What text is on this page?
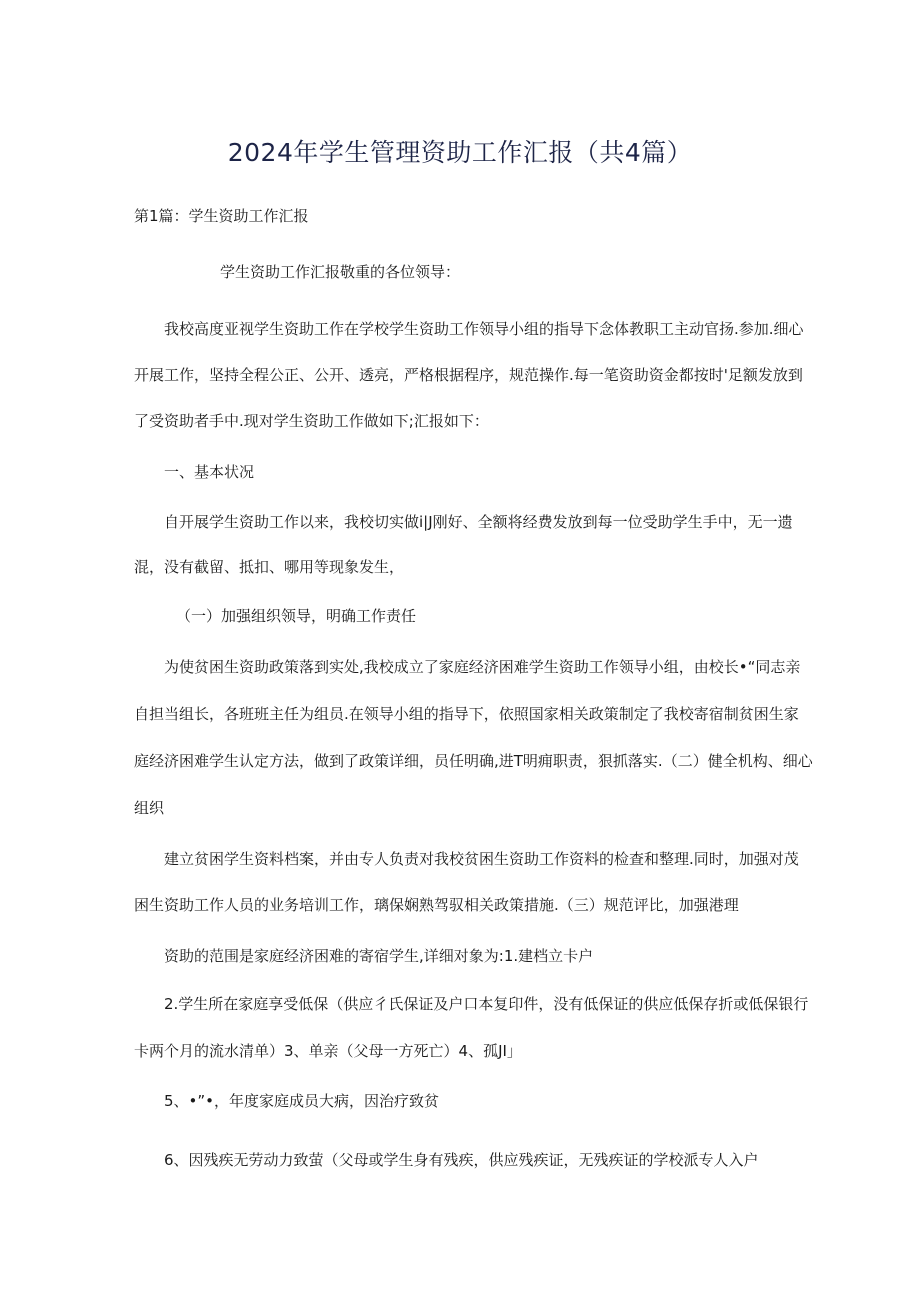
2024年学生管理资助工作汇报（共4篇）
第1篇：学生资助工作汇报
学生资助工作汇报敬重的各位领导：
我校高度亚视学生资助工作在学校学生资助工作领导小组的指导下念体教职工主动官扬.参加.细心
开展工作，坚持全程公正、公开、透亮，严格根据程序，规范操作.每一笔资助资金都按时'足额发放到
了受资助者手中.现对学生资助工作做如下;汇报如下：
一、基本状况
自开展学生资助工作以来，我校切实做i|J刚好、全额将经费发放到每一位受助学生手中，无一遗
混，没有截留、抵扣、哪用等现象发生，
（一）加强组织领导，明确工作责任
为使贫困生资助政策落到实处,我校成立了家庭经济困难学生资助工作领导小组，由校长•“同志亲
自担当组长，各班班主任为组员.在领导小组的指导下，依照国家相关政策制定了我校寄宿制贫困生家
庭经济困难学生认定方法，做到了政策详细，员任明确,进T明痈职责，狠抓落实.（二）健全机构、细心
组织
建立贫困学生资料档案，并由专人负责对我校贫困生资助工作资料的检查和整理.同时，加强对茂
困生资助工作人员的业务培训工作，璃保娴熟驾驭相关政策措施.（三）规范评比，加强港理
资助的范围是家庭经济困难的寄宿学生,详细对象为:1.建档立卡户
2.学生所在家庭享受低保（供应彳氏保证及户口本复印件，没有低保证的供应低保存折或低保银行
卡两个月的流水清单）3、单亲（父母一方死亡）4、孤JI」
5、•”•，年度家庭成员大病，因治疗致贫
6、因残疾无劳动力致萤（父母或学生身有残疾，供应残疾证，无残疾证的学校派专人入户
